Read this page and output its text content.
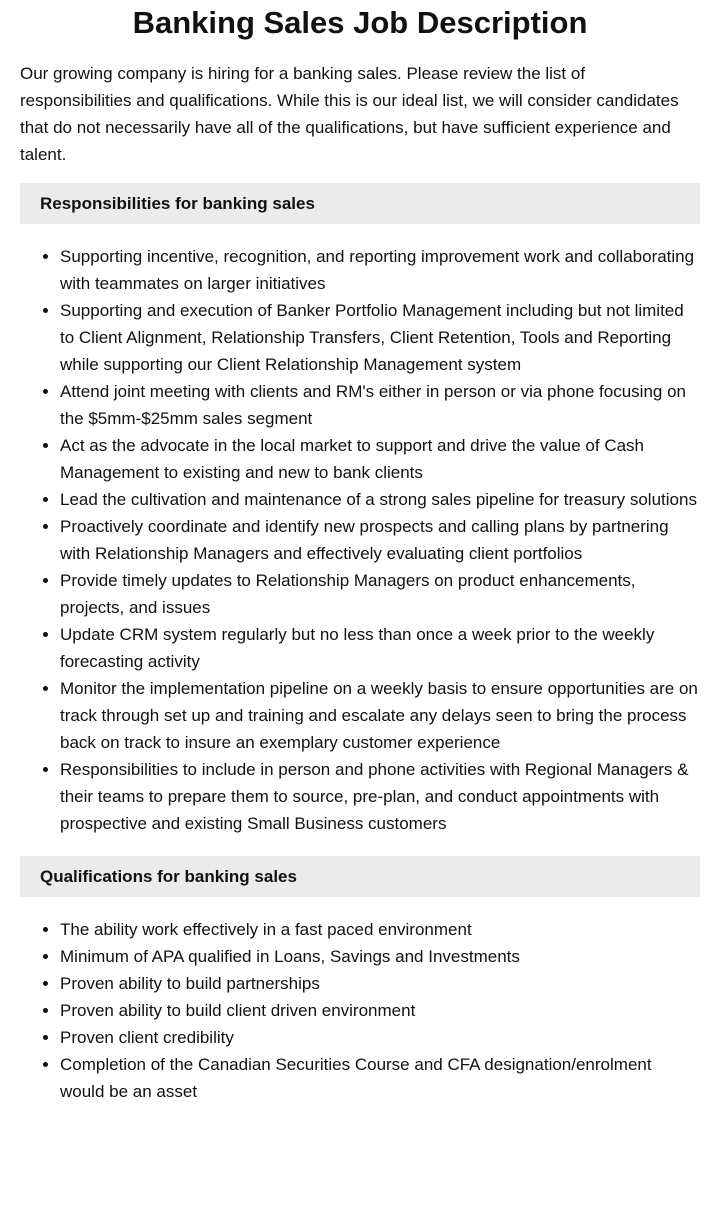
Banking Sales Job Description

Our growing company is hiring for a banking sales. Please review the list of responsibilities and qualifications. While this is our ideal list, we will consider candidates that do not necessarily have all of the qualifications, but have sufficient experience and talent.

Responsibilities for banking sales
• Supporting incentive, recognition, and reporting improvement work and collaborating with teammates on larger initiatives
• Supporting and execution of Banker Portfolio Management including but not limited to Client Alignment, Relationship Transfers, Client Retention, Tools and Reporting while supporting our Client Relationship Management system
• Attend joint meeting with clients and RM's either in person or via phone focusing on the $5mm-$25mm sales segment
• Act as the advocate in the local market to support and drive the value of Cash Management to existing and new to bank clients
• Lead the cultivation and maintenance of a strong sales pipeline for treasury solutions
• Proactively coordinate and identify new prospects and calling plans by partnering with Relationship Managers and effectively evaluating client portfolios
• Provide timely updates to Relationship Managers on product enhancements, projects, and issues
• Update CRM system regularly but no less than once a week prior to the weekly forecasting activity
• Monitor the implementation pipeline on a weekly basis to ensure opportunities are on track through set up and training and escalate any delays seen to bring the process back on track to insure an exemplary customer experience
• Responsibilities to include in person and phone activities with Regional Managers & their teams to prepare them to source, pre-plan, and conduct appointments with prospective and existing Small Business customers
Qualifications for banking sales
• The ability work effectively in a fast paced environment
• Minimum of APA qualified in Loans, Savings and Investments
• Proven ability to build partnerships
• Proven ability to build client driven environment
• Proven client credibility
• Completion of the Canadian Securities Course and CFA designation/enrolment would be an asset
